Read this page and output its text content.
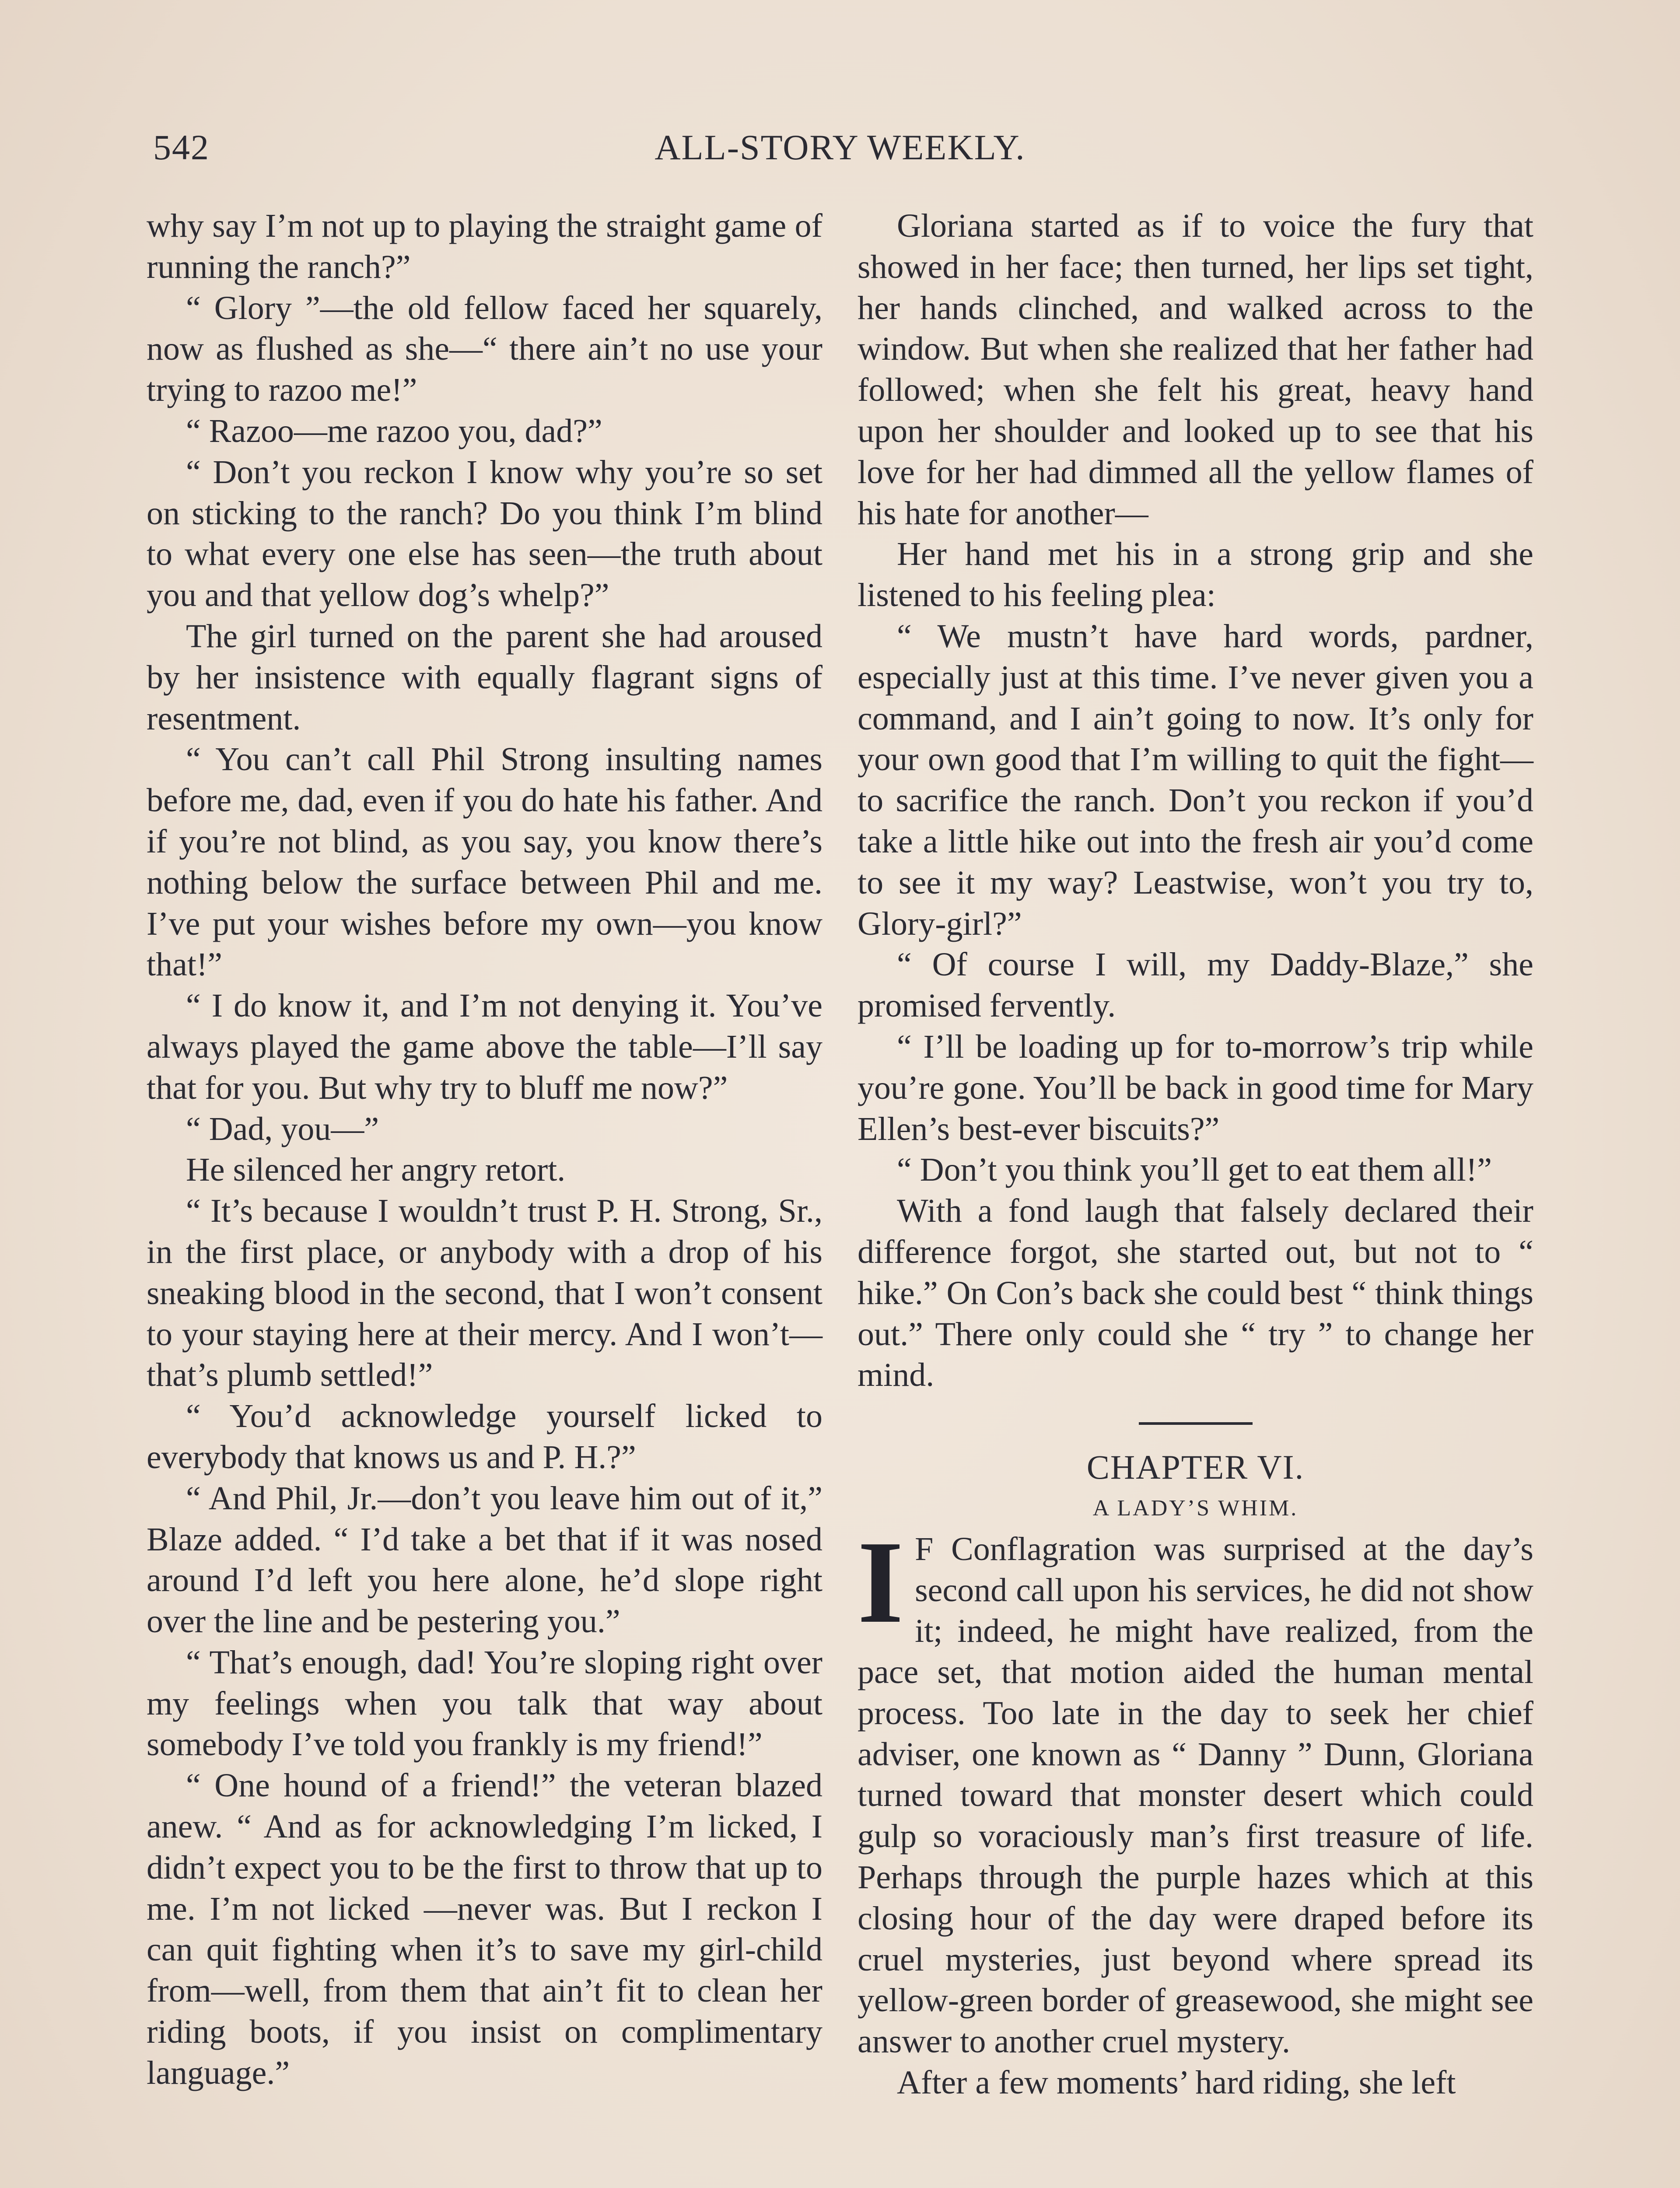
542	ALL-STORY WEEKLY.

why say I’m not up to playing the straight game of running the ranch?”

“ Glory ”—the old fellow faced her squarely, now as flushed as she—“ there ain’t no use your trying to razoo me!”

“ Razoo—me razoo you, dad?”

“ Don’t you reckon I know why you’re so set on sticking to the ranch? Do you think I’m blind to what every one else has seen—the truth about you and that yellow dog’s whelp?”

The girl turned on the parent she had aroused by her insistence with equally flagrant signs of resentment.

“ You can’t call Phil Strong insulting names before me, dad, even if you do hate his father. And if you’re not blind, as you say, you know there’s nothing below the surface between Phil and me. I’ve put your wishes before my own—you know that!”

“ I do know it, and I’m not denying it. You’ve always played the game above the table—I’ll say that for you. But why try to bluff me now?”

“ Dad, you—”

He silenced her angry retort.

“ It’s because I wouldn’t trust P. H. Strong, Sr., in the first place, or anybody with a drop of his sneaking blood in the second, that I won’t consent to your staying here at their mercy. And I won’t—that’s plumb settled!”

“ You’d acknowledge yourself licked to everybody that knows us and P. H.?”

“ And Phil, Jr.—don’t you leave him out of it,” Blaze added. “ I’d take a bet that if it was nosed around I’d left you here alone, he’d slope right over the line and be pestering you.”

“ That’s enough, dad! You’re sloping right over my feelings when you talk that way about somebody I’ve told you frankly is my friend!”

“ One hound of a friend!” the veteran blazed anew. “ And as for acknowledging I’m licked, I didn’t expect you to be the first to throw that up to me. I’m not licked —never was. But I reckon I can quit fighting when it’s to save my girl-child from—well, from them that ain’t fit to clean her riding boots, if you insist on complimentary language.”

Gloriana started as if to voice the fury that showed in her face; then turned, her lips set tight, her hands clinched, and walked across to the window. But when she realized that her father had followed; when she felt his great, heavy hand upon her shoulder and looked up to see that his love for her had dimmed all the yellow flames of his hate for another—

Her hand met his in a strong grip and she listened to his feeling plea:

“ We mustn’t have hard words, pardner, especially just at this time. I’ve never given you a command, and I ain’t going to now. It’s only for your own good that I’m willing to quit the fight—to sacrifice the ranch. Don’t you reckon if you’d take a little hike out into the fresh air you’d come to see it my way? Leastwise, won’t you try to, Glory-girl?”

“ Of course I will, my Daddy-Blaze,” she promised fervently.

“ I’ll be loading up for to-morrow’s trip while you’re gone. You’ll be back in good time for Mary Ellen’s best-ever biscuits?”

“ Don’t you think you’ll get to eat them all!”

With a fond laugh that falsely declared their difference forgot, she started out, but not to “ hike.” On Con’s back she could best “ think things out.” There only could she “ try ” to change her mind.

CHAPTER VI.

A LADY’S WHIM.

I F Conflagration was surprised at the day’s second call upon his services, he did not show it; indeed, he might have realized, from the pace set, that motion aided the human mental process. Too late in the day to seek her chief adviser, one known as “ Danny ” Dunn, Gloriana turned toward that monster desert which could gulp so voraciously man’s first treasure of life. Perhaps through the purple hazes which at this closing hour of the day were draped before its cruel mysteries, just beyond where spread its yellow-green border of greasewood, she might see answer to another cruel mystery.

After a few moments’ hard riding, she left
